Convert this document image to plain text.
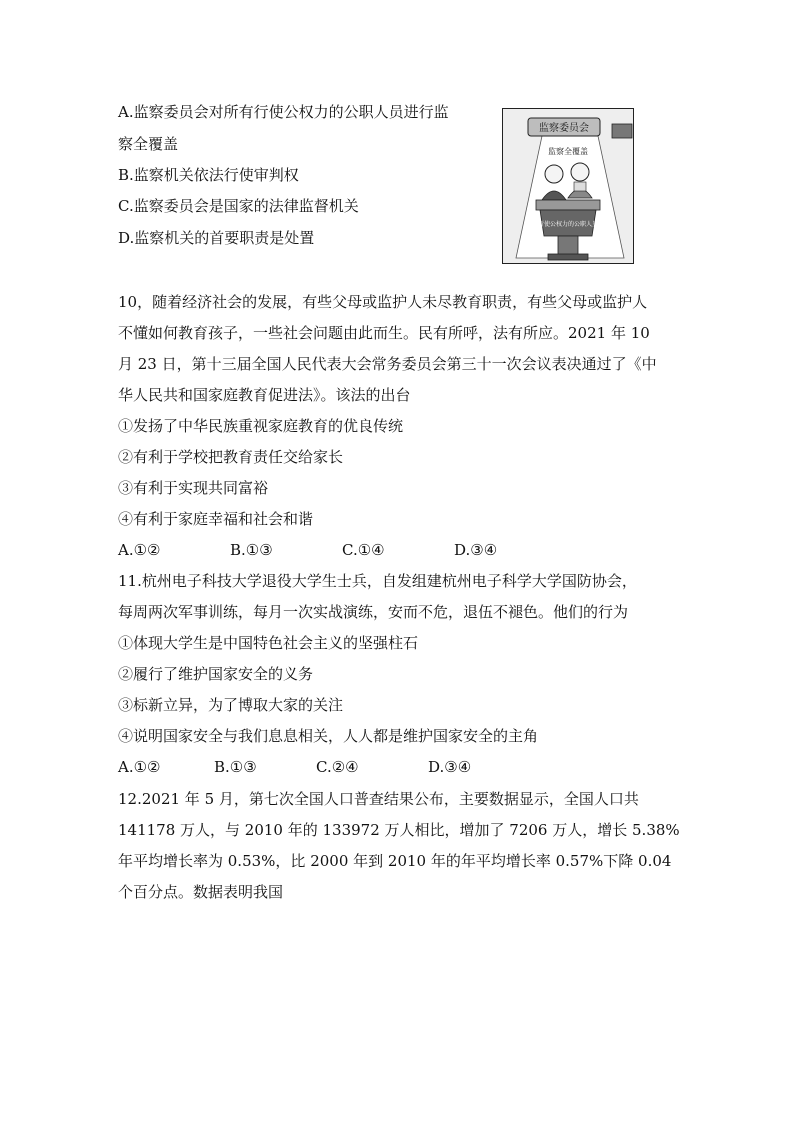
A.监察委员会对所有行使公权力的公职人员进行监
察全覆盖
B.监察机关依法行使审判权
C.监察委员会是国家的法律监督机关
D.监察机关的首要职责是处置
监察委员会
监察全覆盖
行使公权力的公职人员
10，随着经济社会的发展，有些父母或监护人未尽教育职责，有些父母或监护人
不懂如何教育孩子，一些社会问题由此而生。民有所呼，法有所应。2021 年 10
月 23 日，第十三届全国人民代表大会常务委员会第三十一次会议表决通过了《中
华人民共和国家庭教育促进法》。该法的出台
①发扬了中华民族重视家庭教育的优良传统
②有利于学校把教育责任交给家长
③有利于实现共同富裕
④有利于家庭幸福和社会和谐
A.①②	B.①③	C.①④	D.③④
11.杭州电子科技大学退役大学生士兵，自发组建杭州电子科学大学国防协会，
每周两次军事训练，每月一次实战演练，安而不危，退伍不褪色。他们的行为
①体现大学生是中国特色社会主义的坚强柱石
②履行了维护国家安全的义务
③标新立异，为了博取大家的关注
④说明国家安全与我们息息相关，人人都是维护国家安全的主角
A.①②	B.①③	C.②④	D.③④
12.2021 年 5 月，第七次全国人口普查结果公布，主要数据显示，全国人口共
141178 万人，与 2010 年的 133972 万人相比，增加了 7206 万人，增长 5.38%
年平均增长率为 0.53%，比 2000 年到 2010 年的年平均增长率 0.57%下降 0.04
个百分点。数据表明我国
